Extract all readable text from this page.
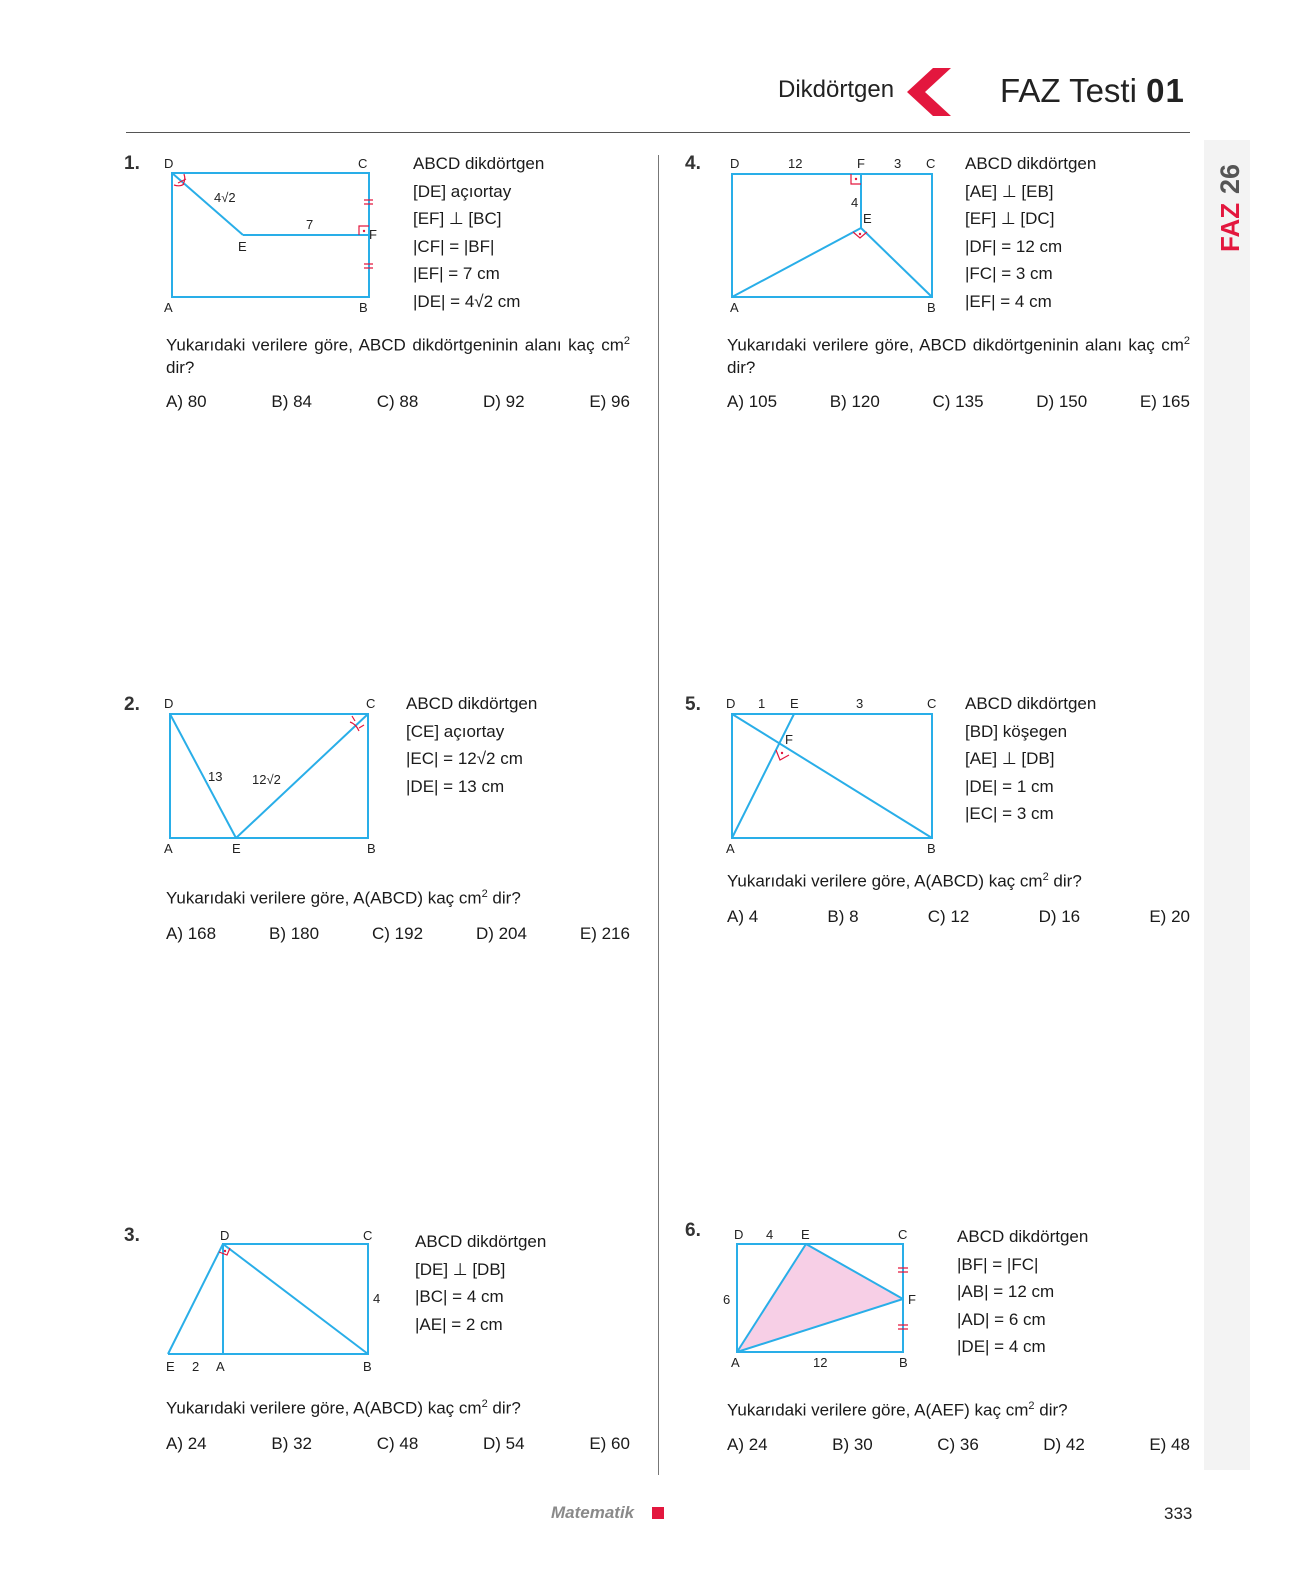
Dikdörtgen	FAZ Testi 01
FAZ
26
1. D	C
A	B
E
F
4√2
7
ABCD dikdörtgen
[DE] açıortay
[EF] ⊥ [BC]
|CF| = |BF|
|EF| = 7 cm
|DE| = 4√2 cm
Yukarıdaki verilere göre, ABCD dikdörtgeninin alanı kaç $cm^2$ dir?
A) 80	B) 84	C) 88	D) 92	E) 96
2. D	C
A	E	B
13 12√2
ABCD dikdörtgen
[CE] açıortay
|EC| = 12√2 cm
|DE| = 13 cm
Yukarıdaki verilere göre, A(ABCD) kaç $cm^2$ dir?
A) 168	B) 180	C) 192	D) 204	E) 216
3.	D	C
E 2 A	B
4
ABCD dikdörtgen
[DE] ⊥ [DB]
|BC| = 4 cm
|AE| = 2 cm
Yukarıdaki verilere göre, A(ABCD) kaç $cm^2$ dir?
A) 24	B) 32	C) 48	D) 54	E) 60
4. D	12	F 3 C
4
E
A	B
ABCD dikdörtgen
[AE] ⊥ [EB]
[EF] ⊥ [DC]
|DF| = 12 cm
|FC| = 3 cm
|EF| = 4 cm
Yukarıdaki verilere göre, ABCD dikdörtgeninin alanı kaç $cm^2$ dir?
A) 105	B) 120	C) 135	D) 150	E) 165
5. D 1 E	3	C
F
A	B
ABCD dikdörtgen
[BD] köşegen
[AE] ⊥ [DB]
|DE| = 1 cm
|EC| = 3 cm
Yukarıdaki verilere göre, A(ABCD) kaç $cm^2$ dir?
A) 4	B) 8	C) 12	D) 16	E) 20
6.	D 4 E	C
6	F
A	12	B
ABCD dikdörtgen
|BF| = |FC|
|AB| = 12 cm
|AD| = 6 cm
|DE| = 4 cm
Yukarıdaki verilere göre, A(AEF) kaç $cm^2$ dir?
A) 24	B) 30	C) 36	D) 42	E) 48
Matematik	333
